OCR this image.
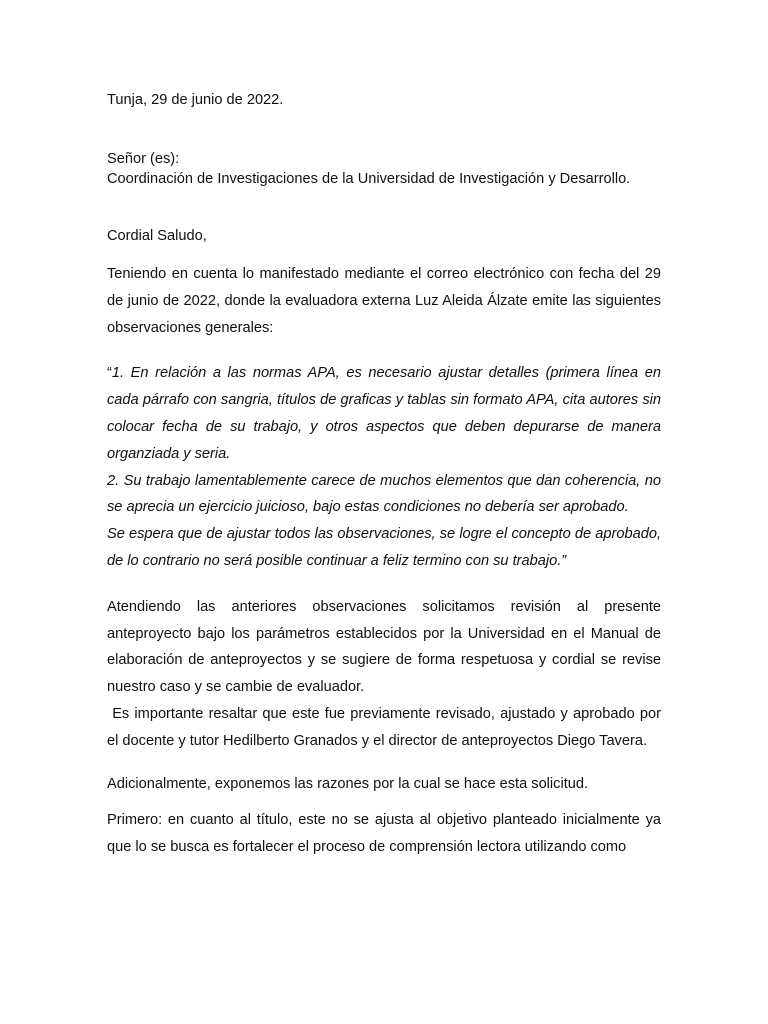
Tunja, 29 de junio de 2022.

Señor (es):

Coordinación de Investigaciones de la Universidad de Investigación y Desarrollo.

Cordial Saludo,

Teniendo en cuenta lo manifestado mediante el correo electrónico con fecha del 29 de junio de 2022, donde la evaluadora externa Luz Aleida Álzate emite las siguientes observaciones generales:

“1. En relación a las normas APA, es necesario ajustar detalles (primera línea en cada párrafo con sangria, títulos de graficas y tablas sin formato APA, cita autores sin colocar fecha de su trabajo, y otros aspectos que deben depurarse de manera organziada y seria.

2. Su trabajo lamentablemente carece de muchos elementos que dan coherencia, no se aprecia un ejercicio juicioso, bajo estas condiciones no debería ser aprobado.

Se espera que de ajustar todos las observaciones, se logre el concepto de aprobado, de lo contrario no será posible continuar a feliz termino con su trabajo.”

Atendiendo las anteriores observaciones solicitamos revisión al presente anteproyecto bajo los parámetros establecidos por la Universidad en el Manual de elaboración de anteproyectos y se sugiere de forma respetuosa y cordial se revise nuestro caso y se cambie de evaluador.

Es importante resaltar que este fue previamente revisado, ajustado y aprobado por el docente y tutor Hedilberto Granados y el director de anteproyectos Diego Tavera.

Adicionalmente, exponemos las razones por la cual se hace esta solicitud.

Primero: en cuanto al título, este no se ajusta al objetivo planteado inicialmente ya que lo se busca es fortalecer el proceso de comprensión lectora utilizando como
